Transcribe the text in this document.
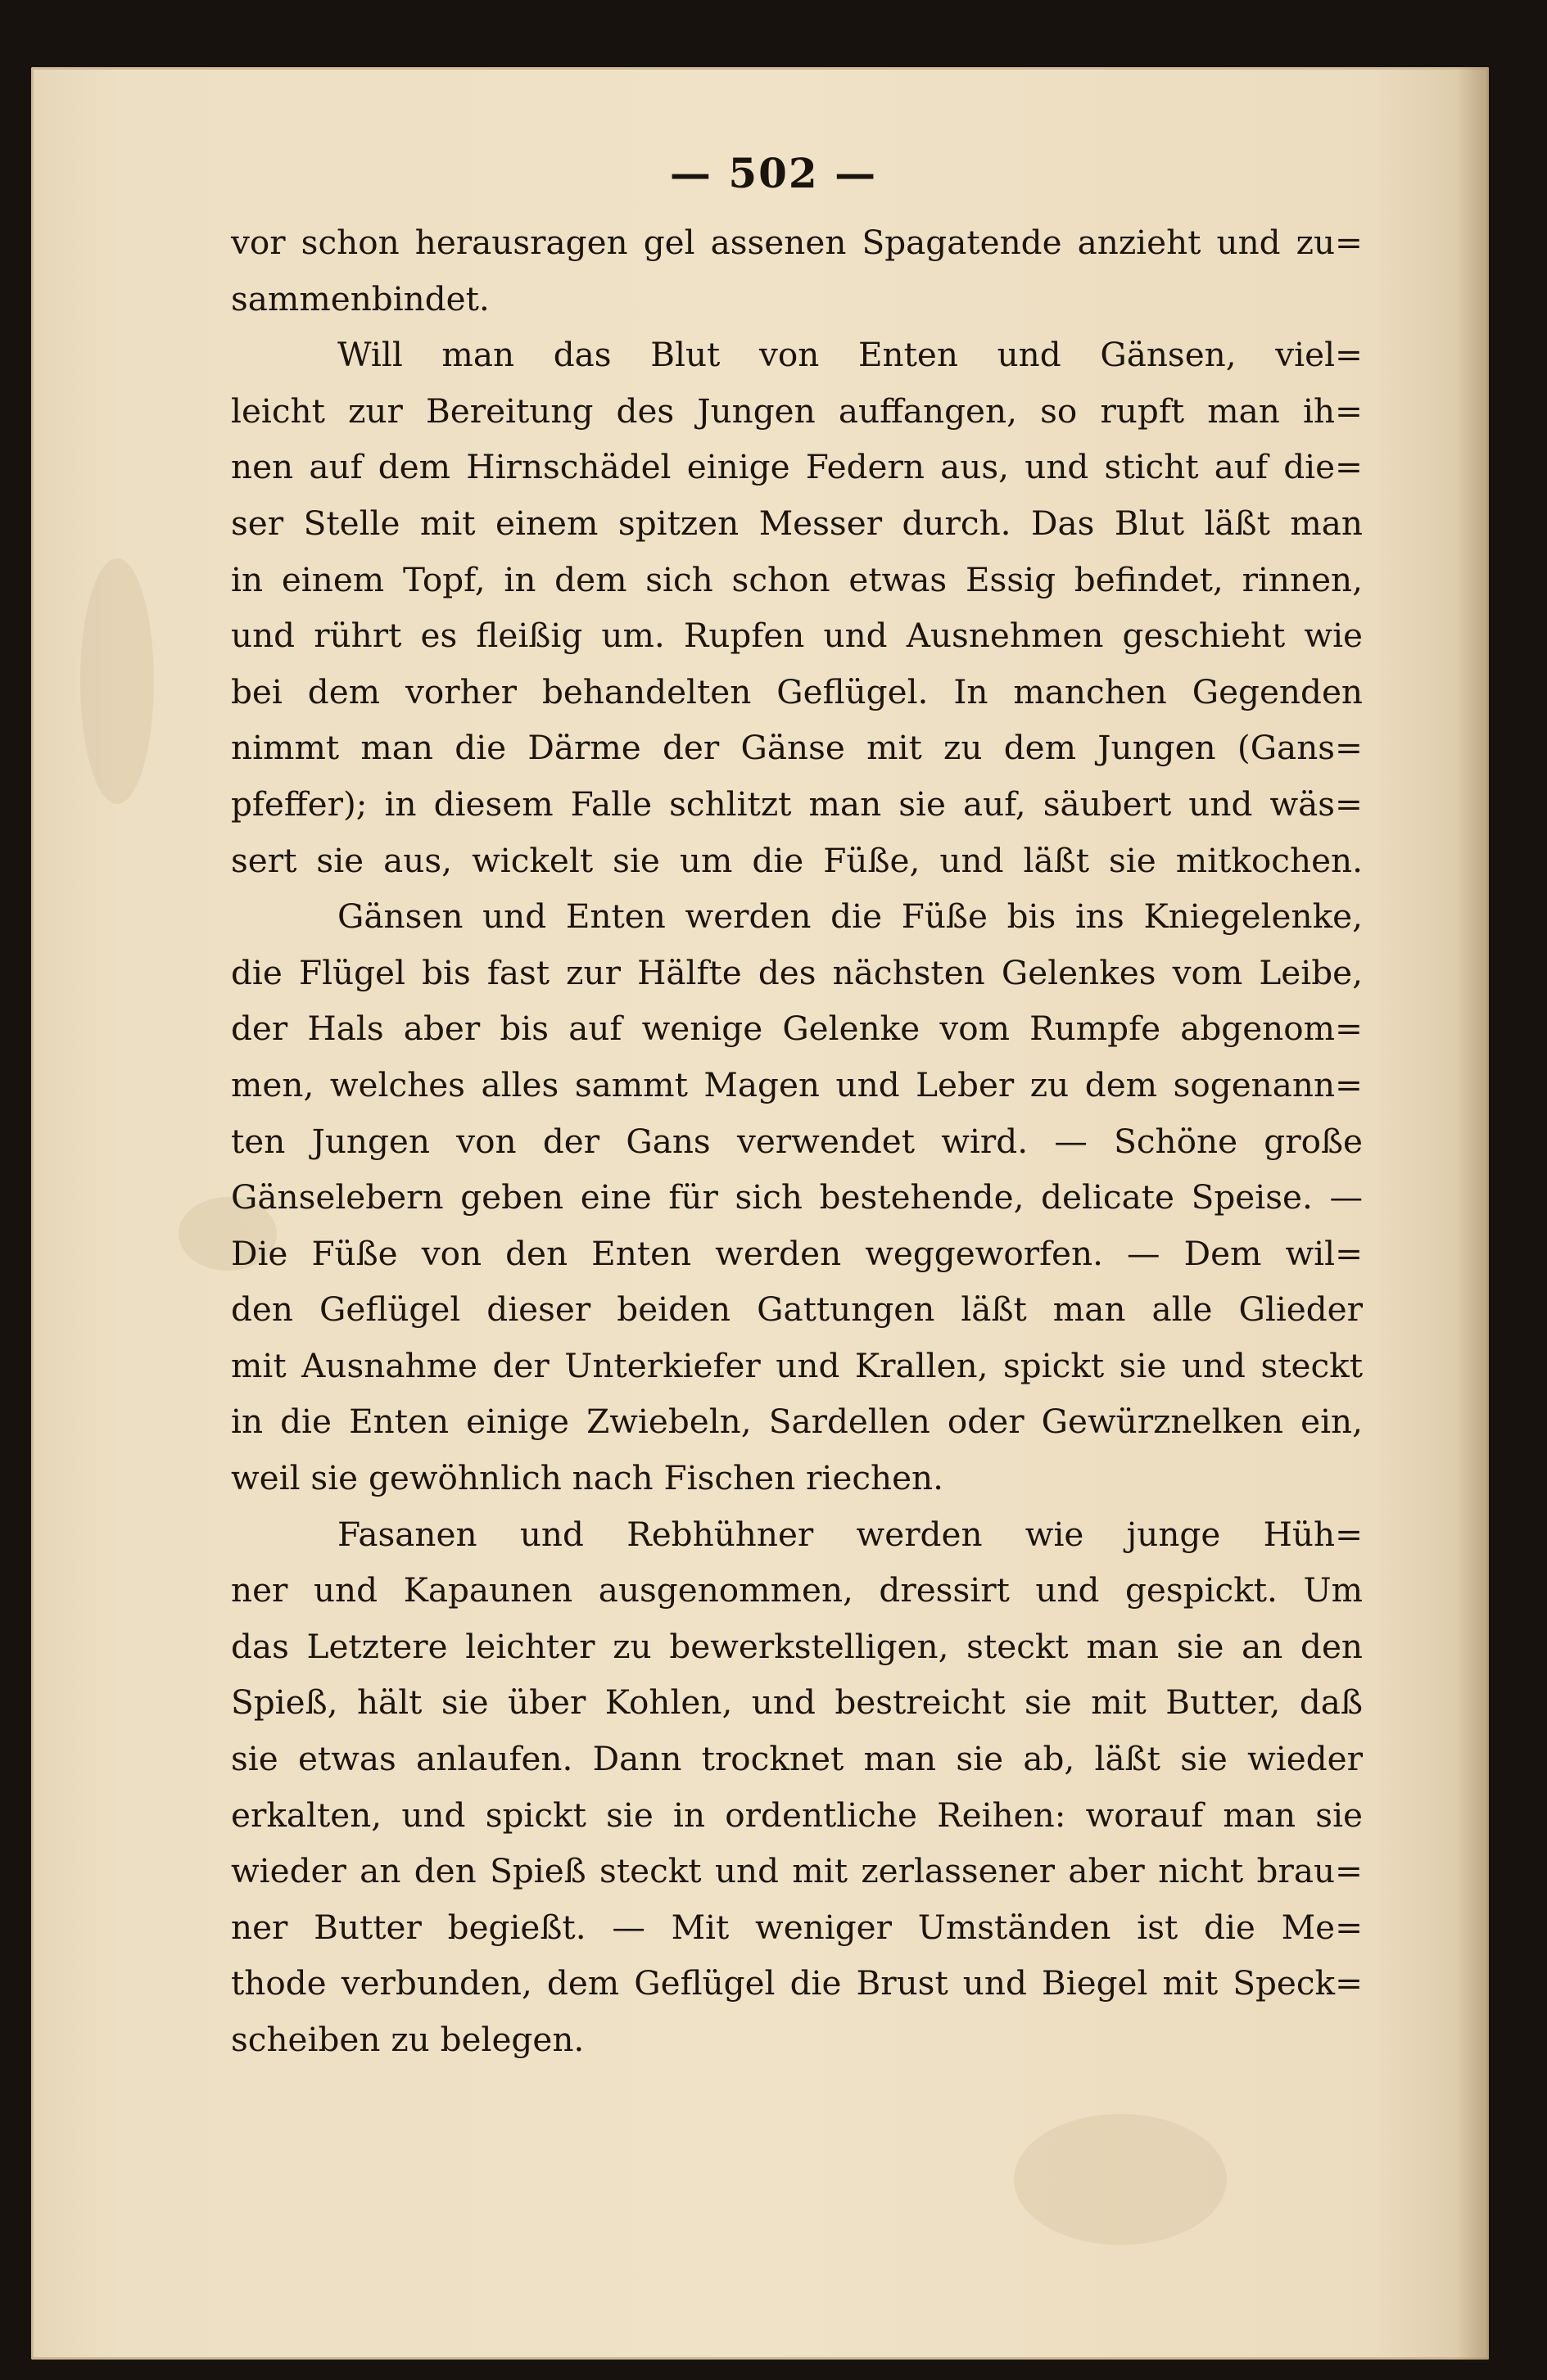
— 502 —
vor schon herausragen gel assenen Spagatende anzieht und zu=
sammenbindet.
Will man das Blut von Enten und Gänsen, viel=
leicht zur Bereitung des Jungen auffangen, so rupft man ih=
nen auf dem Hirnschädel einige Federn aus, und sticht auf die=
ser Stelle mit einem spitzen Messer durch. Das Blut läßt man
in einem Topf, in dem sich schon etwas Essig befindet, rinnen,
und rührt es fleißig um. Rupfen und Ausnehmen geschieht wie
bei dem vorher behandelten Geflügel. In manchen Gegenden
nimmt man die Därme der Gänse mit zu dem Jungen (Gans=
pfeffer); in diesem Falle schlitzt man sie auf, säubert und wäs=
sert sie aus, wickelt sie um die Füße, und läßt sie mitkochen.
Gänsen und Enten werden die Füße bis ins Kniegelenke,
die Flügel bis fast zur Hälfte des nächsten Gelenkes vom Leibe,
der Hals aber bis auf wenige Gelenke vom Rumpfe abgenom=
men, welches alles sammt Magen und Leber zu dem sogenann=
ten Jungen von der Gans verwendet wird. — Schöne große
Gänselebern geben eine für sich bestehende, delicate Speise. —
Die Füße von den Enten werden weggeworfen. — Dem wil=
den Geflügel dieser beiden Gattungen läßt man alle Glieder
mit Ausnahme der Unterkiefer und Krallen, spickt sie und steckt
in die Enten einige Zwiebeln, Sardellen oder Gewürznelken ein,
weil sie gewöhnlich nach Fischen riechen.
Fasanen und Rebhühner werden wie junge Hüh=
ner und Kapaunen ausgenommen, dressirt und gespickt. Um
das Letztere leichter zu bewerkstelligen, steckt man sie an den
Spieß, hält sie über Kohlen, und bestreicht sie mit Butter, daß
sie etwas anlaufen. Dann trocknet man sie ab, läßt sie wieder
erkalten, und spickt sie in ordentliche Reihen: worauf man sie
wieder an den Spieß steckt und mit zerlassener aber nicht brau=
ner Butter begießt. — Mit weniger Umständen ist die Me=
thode verbunden, dem Geflügel die Brust und Biegel mit Speck=
scheiben zu belegen.
